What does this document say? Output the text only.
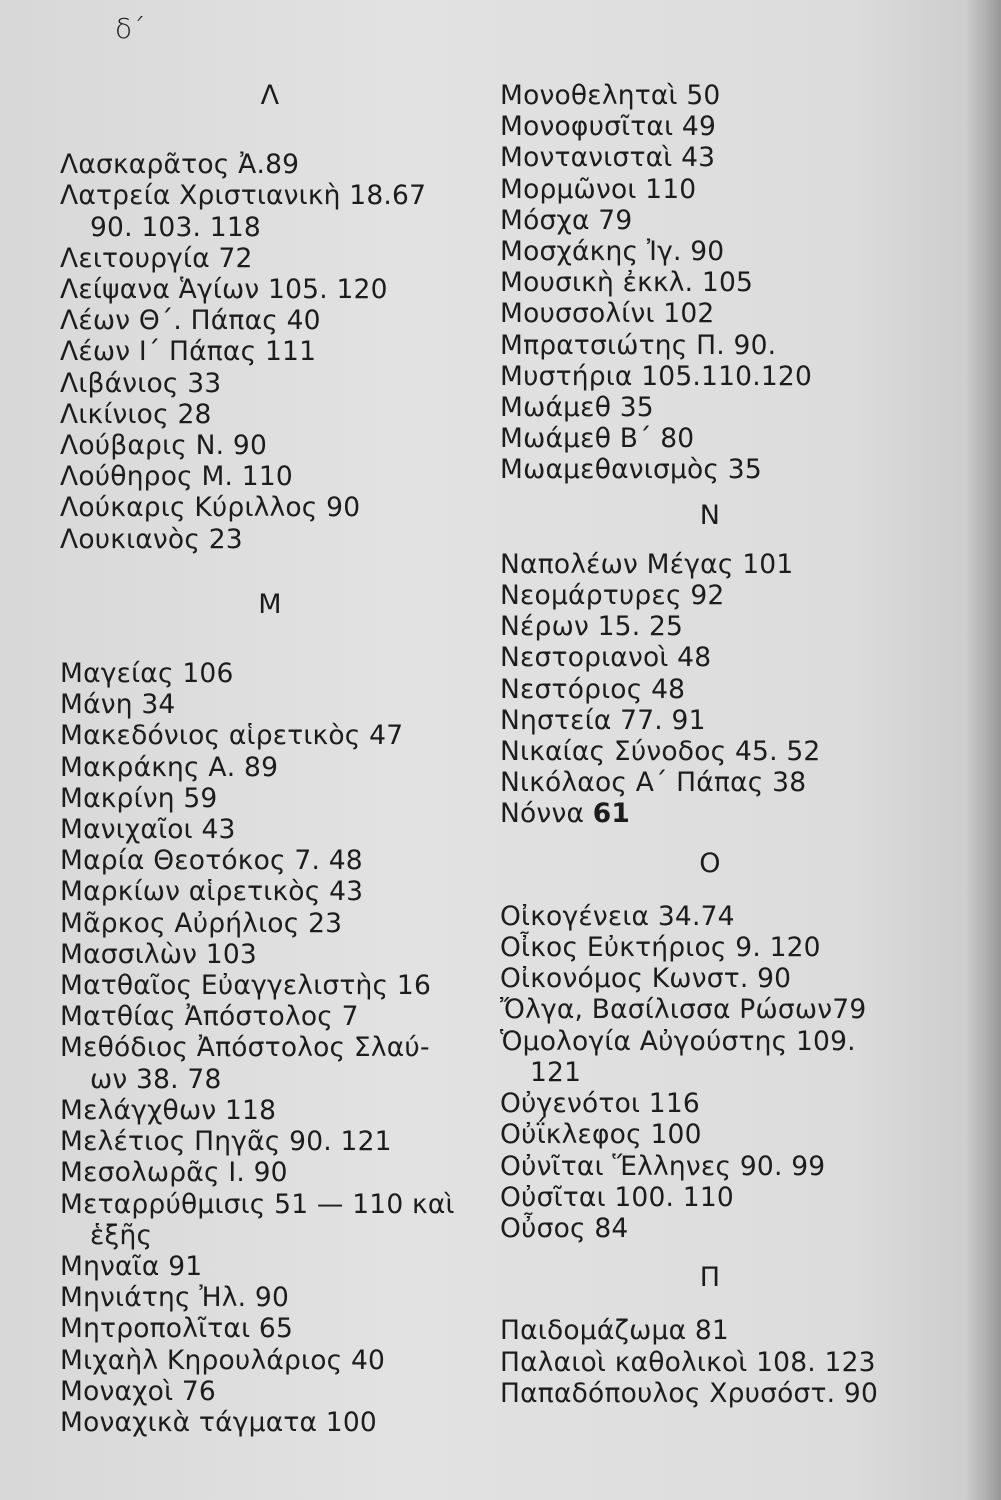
δ΄
Λ
Λασκαρᾶτος Ἀ.89
Λατρεία Χριστιανικὴ 18.67
90. 103. 118
Λειτουργία 72
Λείψανα Ἁγίων 105. 120
Λέων Θ΄. Πάπας 40
Λέων Ι΄ Πάπας 111
Λιβάνιος 33
Λικίνιος 28
Λούβαρις Ν. 90
Λούθηρος Μ. 110
Λούκαρις Κύριλλος 90
Λουκιανὸς 23
Μ
Μαγείας 106
Μάνη 34
Μακεδόνιος αἱρετικὸς 47
Μακράκης Α. 89
Μακρίνη 59
Μανιχαῖοι 43
Μαρία Θεοτόκος 7. 48
Μαρκίων αἱρετικὸς 43
Μᾶρκος Αὐρήλιος 23
Μασσιλὼν 103
Ματθαῖος Εὐαγγελιστὴς 16
Ματθίας Ἀπόστολος 7
Μεθόδιος Ἀπόστολος Σλαύ-
ων 38. 78
Μελάγχθων 118
Μελέτιος Πηγᾶς 90. 121
Μεσολωρᾶς Ι. 90
Μεταρρύθμισις 51 — 110 καὶ
ἑξῆς
Μηναῖα 91
Μηνιάτης Ἠλ. 90
Μητροπολῖται 65
Μιχαὴλ Κηρουλάριος 40
Μοναχοὶ 76
Μοναχικὰ τάγματα 100
Μονοθεληταὶ 50
Μονοφυσῖται 49
Μοντανισταὶ 43
Μορμῶνοι 110
Μόσχα 79
Μοσχάκης Ἰγ. 90
Μουσικὴ ἐκκλ. 105
Μουσσολίνι 102
Μπρατσιώτης Π. 90.
Μυστήρια 105.110.120
Μωάμεθ 35
Μωάμεθ Β΄ 80
Μωαμεθανισμὸς 35
Ν
Ναπολέων Μέγας 101
Νεομάρτυρες 92
Νέρων 15. 25
Νεστοριανοὶ 48
Νεστόριος 48
Νηστεία 77. 91
Νικαίας Σύνοδος 45. 52
Νικόλαος Α΄ Πάπας 38
Νόννα 61
Ο
Οἰκογένεια 34.74
Οἶκος Εὐκτήριος 9. 120
Οἰκονόμος Κωνστ. 90
Ὄλγα, Βασίλισσα Ρώσων79
Ὁμολογία Αὐγούστης 109.
121
Οὐγενότοι 116
Οὐΐκλεφος 100
Οὐνῖται Ἕλληνες 90. 99
Οὐσῖται 100. 110
Οὖσος 84
Π
Παιδομάζωμα 81
Παλαιοὶ καθολικοὶ 108. 123
Παπαδόπουλος Χρυσόστ. 90
